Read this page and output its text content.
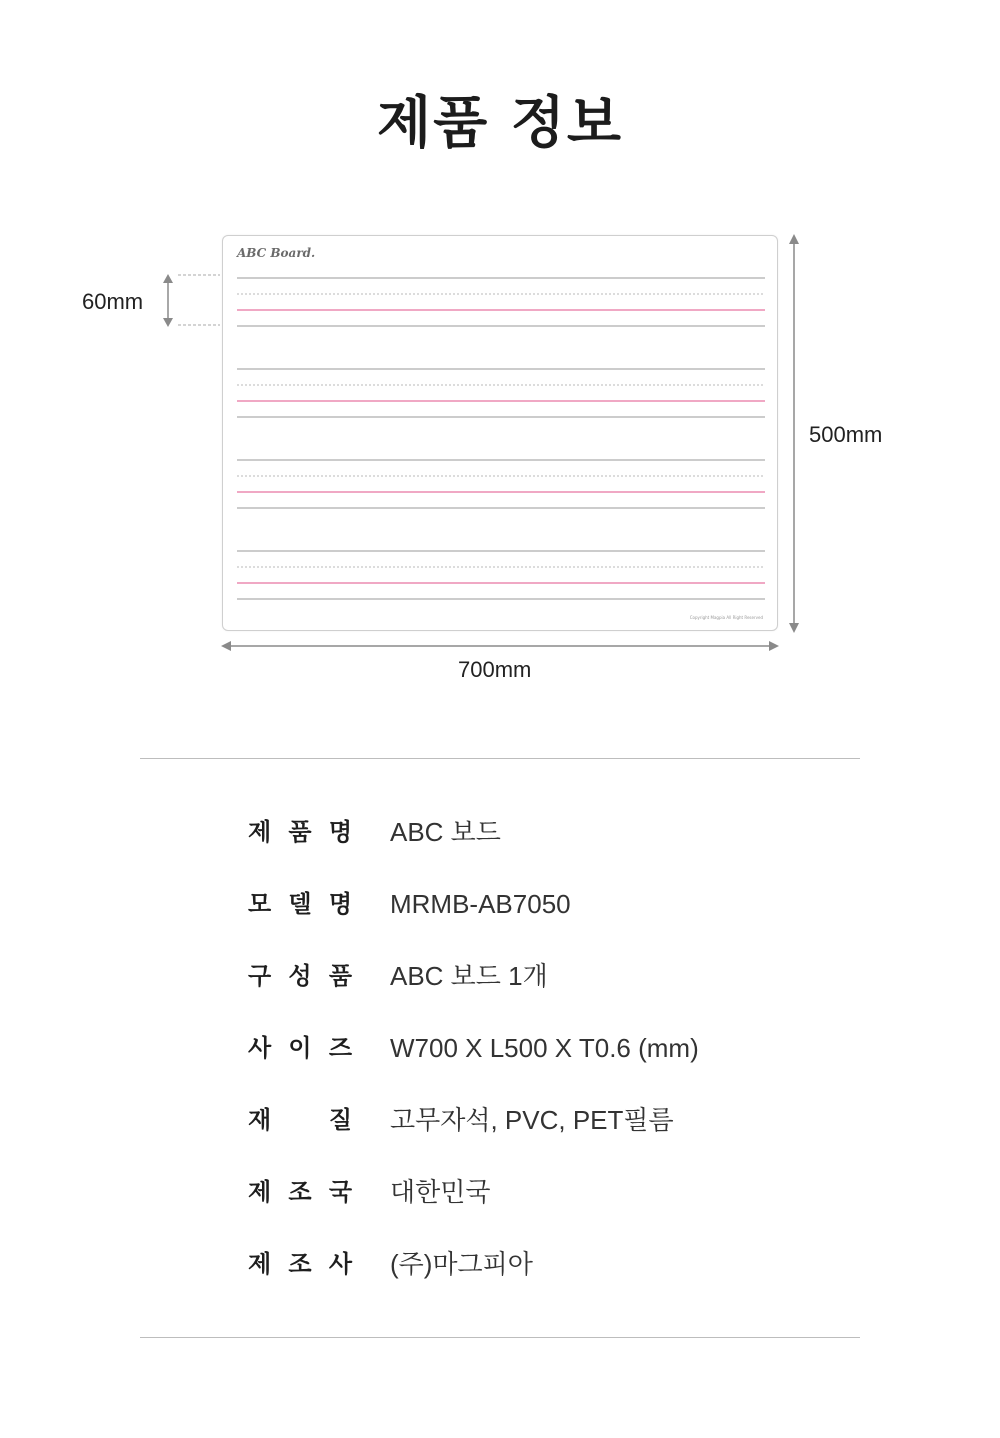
제품 정보
ABC Board.
Copyright Magpia All Right Reserved
60mm
500mm
700mm
제 품 명 ABC 보드
모 델 명 MRMB-AB7050
구 성 품 ABC 보드 1개
사 이 즈 W700 X L500 X T0.6 (mm)
재 질 고무자석, PVC, PET필름
제 조 국 대한민국
제 조 사 (주)마그피아
